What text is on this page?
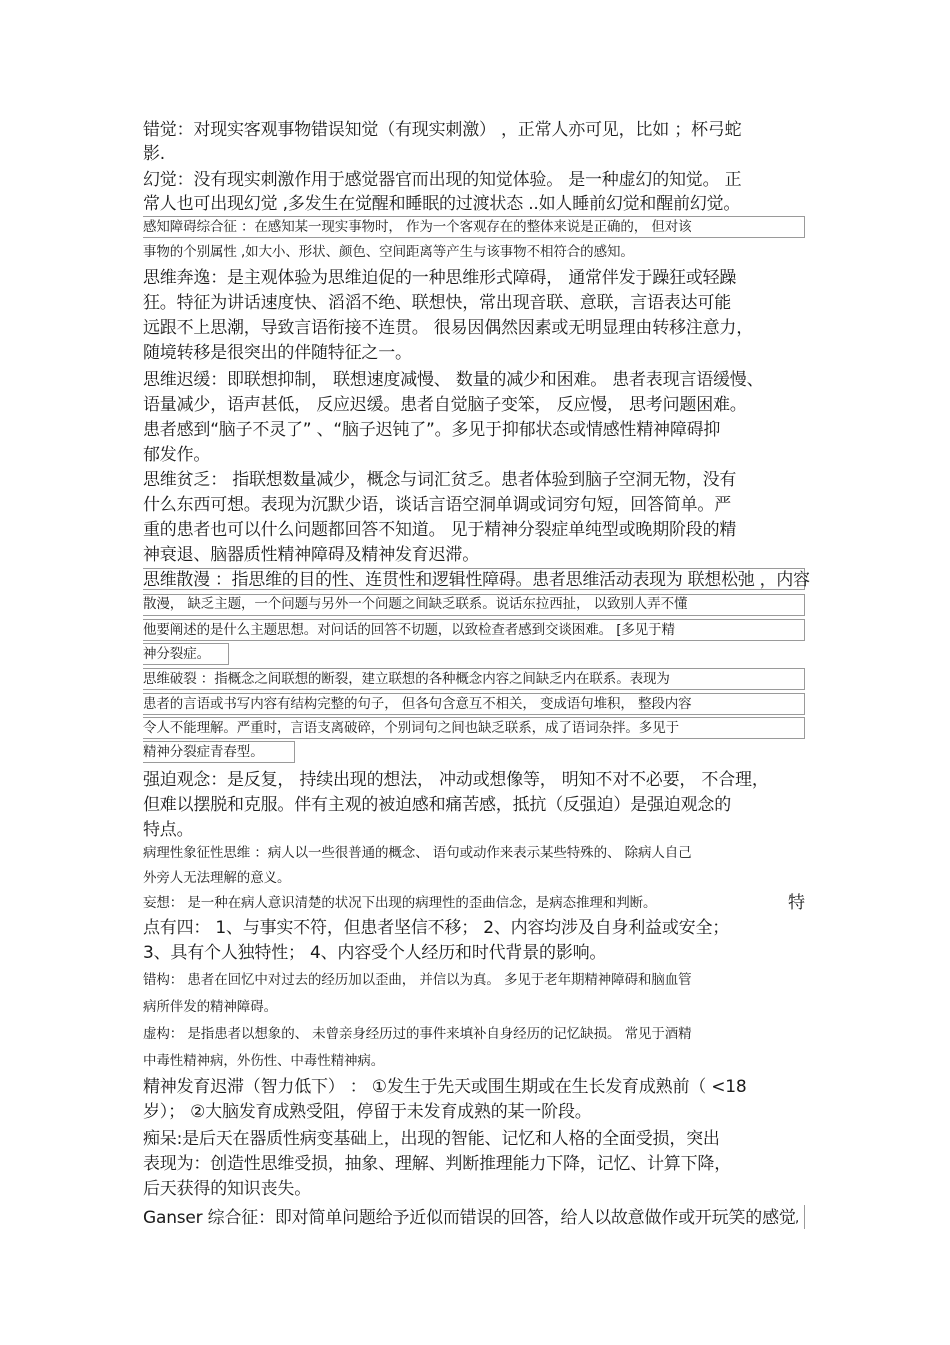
错觉：对现实客观事物错误知觉（有现实刺激） ，正常人亦可见，比如 ；杯弓蛇
影.
幻觉：没有现实刺激作用于感觉器官而出现的知觉体验。 是一种虚幻的知觉。 正
常人也可出现幻觉 ,多发生在觉醒和睡眠的过渡状态 ..如人睡前幻觉和醒前幻觉。
感知障碍综合征 ：在感知某一现实事物时， 作为一个客观存在的整体来说是正确的， 但对该
事物的个别属性 ,如大小、形状、颜色、空间距离等产生与该事物不相符合的感知。
思维奔逸：是主观体验为思维迫促的一种思维形式障碍， 通常伴发于躁狂或轻躁
狂。特征为讲话速度快、滔滔不绝、联想快，常出现音联、意联，言语表达可能
远跟不上思潮，导致言语衔接不连贯。 很易因偶然因素或无明显理由转移注意力，
随境转移是很突出的伴随特征之一。
思维迟缓：即联想抑制， 联想速度减慢、 数量的减少和困难。 患者表现言语缓慢、
语量减少，语声甚低， 反应迟缓。患者自觉脑子变笨， 反应慢， 思考问题困难。
患者感到“脑子不灵了” 、“脑子迟钝了”。多见于抑郁状态或情感性精神障碍抑
郁发作。
思维贫乏： 指联想数量减少，概念与词汇贫乏。患者体验到脑子空洞无物，没有
什么东西可想。表现为沉默少语，谈话言语空洞单调或词穷句短，回答简单。严
重的患者也可以什么问题都回答不知道。 见于精神分裂症单纯型或晚期阶段的精
神衰退、脑器质性精神障碍及精神发育迟滞。
思维散漫 ：指思维的目的性、连贯性和逻辑性障碍。患者思维活动表现为 联想松弛 ，内容
散漫， 缺乏主题，一个问题与另外一个问题之间缺乏联系。说话东拉西扯， 以致别人弄不懂
他要阐述的是什么主题思想。对问话的回答不切题，以致检查者感到交谈困难。 [多见于精
神分裂症。
思维破裂 ：指概念之间联想的断裂，建立联想的各种概念内容之间缺乏内在联系。表现为
患者的言语或书写内容有结构完整的句子， 但各句含意互不相关， 变成语句堆积， 整段内容
令人不能理解。严重时，言语支离破碎，个别词句之间也缺乏联系，成了语词杂拌。多见于
精神分裂症青春型。
强迫观念：是反复， 持续出现的想法， 冲动或想像等， 明知不对不必要， 不合理，
但难以摆脱和克服。伴有主观的被迫感和痛苦感，抵抗（反强迫）是强迫观念的
特点。
病理性象征性思维 ：病人以一些很普通的概念、 语句或动作来表示某些特殊的、 除病人自己
外旁人无法理解的意义。
妄想： 是一种在病人意识清楚的状况下出现的病理性的歪曲信念，是病态推理和判断。	特
点有四： 1、与事实不符，但患者坚信不移； 2、内容均涉及自身利益或安全；
3、具有个人独特性； 4、内容受个人经历和时代背景的影响。
错构： 患者在回忆中对过去的经历加以歪曲， 并信以为真。 多见于老年期精神障碍和脑血管
病所伴发的精神障碍。
虚构： 是指患者以想象的、 未曾亲身经历过的事件来填补自身经历的记忆缺损。 常见于酒精
中毒性精神病，外伤性、中毒性精神病。
精神发育迟滞（智力低下） ： ①发生于先天或围生期或在生长发育成熟前（ <18
岁）； ②大脑发育成熟受阻，停留于未发育成熟的某一阶段。
痴呆:是后天在器质性病变基础上，出现的智能、记忆和人格的全面受损，突出
表现为：创造性思维受损，抽象、理解、判断推理能力下降，记忆、计算下降，
后天获得的知识丧失。
Ganser 综合征：即对简单问题给予近似而错误的回答，给人以故意做作或开玩笑的感觉 ,
